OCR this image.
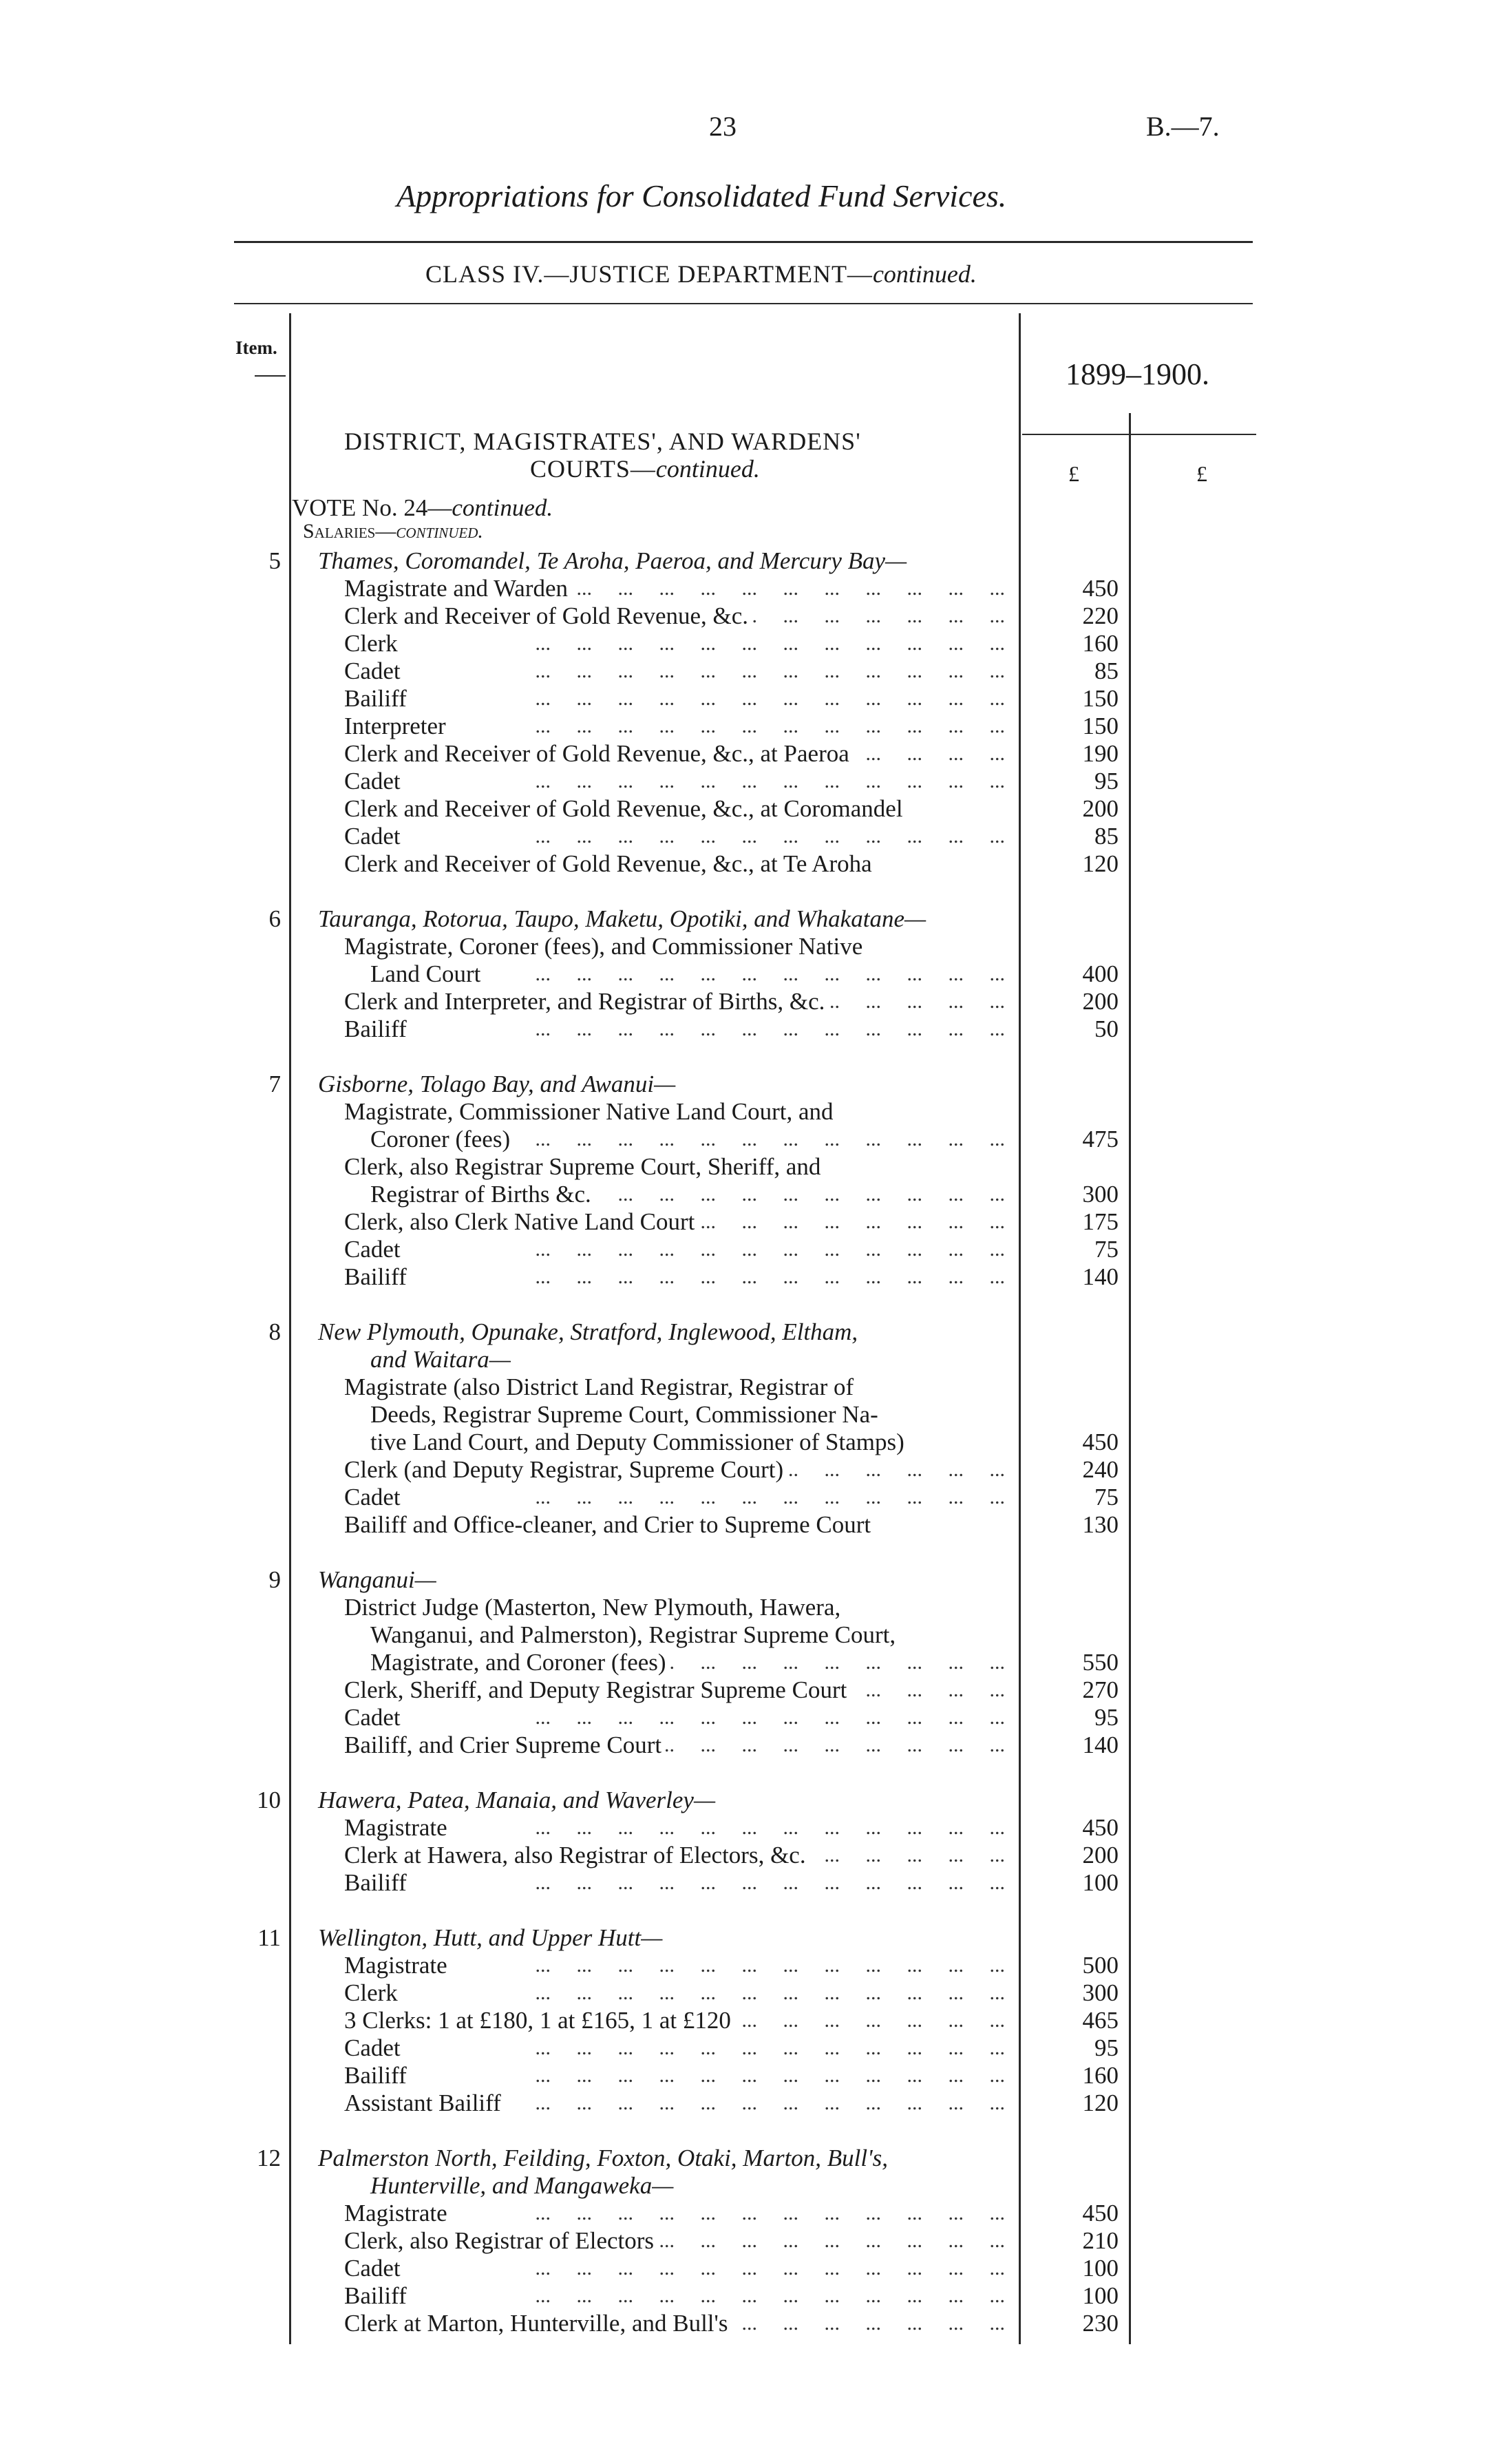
23	B.—7.
Appropriations for Consolidated Fund Services.
CLASS IV.—JUSTICE DEPARTMENT—continued.
Item.
1899–1900.
£	£
DISTRICT, MAGISTRATES', AND WARDENS'
COURTS—continued.
VOTE No. 24—continued.
Salaries—continued.
5 Thames, Coromandel, Te Aroha, Paeroa, and Mercury Bay—
Magistrate and Warden ...	450
Clerk and Receiver of Gold Revenue, &c. ...	220
Clerk ...	160
Cadet ...	85
Bailiff ...	150
Interpreter ...	150
Clerk and Receiver of Gold Revenue, &c., at Paeroa ...	190
Cadet ...	95
Clerk and Receiver of Gold Revenue, &c., at Coromandel	200
Cadet ...	85
Clerk and Receiver of Gold Revenue, &c., at Te Aroha	120
6 Tauranga, Rotorua, Taupo, Maketu, Opotiki, and Whakatane—
Magistrate, Coroner (fees), and Commissioner Native
Land Court ...	400
Clerk and Interpreter, and Registrar of Births, &c. ...	200
Bailiff ...	50
7 Gisborne, Tolago Bay, and Awanui—
Magistrate, Commissioner Native Land Court, and
Coroner (fees) ...	475
Clerk, also Registrar Supreme Court, Sheriff, and
Registrar of Births &c. ...	300
Clerk, also Clerk Native Land Court ...	175
Cadet ...	75
Bailiff ...	140
8 New Plymouth, Opunake, Stratford, Inglewood, Eltham,
and Waitara—
Magistrate (also District Land Registrar, Registrar of
Deeds, Registrar Supreme Court, Commissioner Na-
tive Land Court, and Deputy Commissioner of Stamps)	450
Clerk (and Deputy Registrar, Supreme Court) ...	240
Cadet ...	75
Bailiff and Office-cleaner, and Crier to Supreme Court	130
9 Wanganui—
District Judge (Masterton, New Plymouth, Hawera,
Wanganui, and Palmerston), Registrar Supreme Court,
Magistrate, and Coroner (fees) ...	550
Clerk, Sheriff, and Deputy Registrar Supreme Court ...	270
Cadet ...	95
Bailiff, and Crier Supreme Court ...	140
10 Hawera, Patea, Manaia, and Waverley—
Magistrate ...	450
Clerk at Hawera, also Registrar of Electors, &c. ...	200
Bailiff ...	100
11 Wellington, Hutt, and Upper Hutt—
Magistrate ...	500
Clerk ...	300
3 Clerks: 1 at £180, 1 at £165, 1 at £120 ...	465
Cadet ...	95
Bailiff ...	160
Assistant Bailiff ...	120
12 Palmerston North, Feilding, Foxton, Otaki, Marton, Bull's,
Hunterville, and Mangaweka—
Magistrate ...	450
Clerk, also Registrar of Electors ...	210
Cadet ...	100
Bailiff ...	100
Clerk at Marton, Hunterville, and Bull's ...	230
